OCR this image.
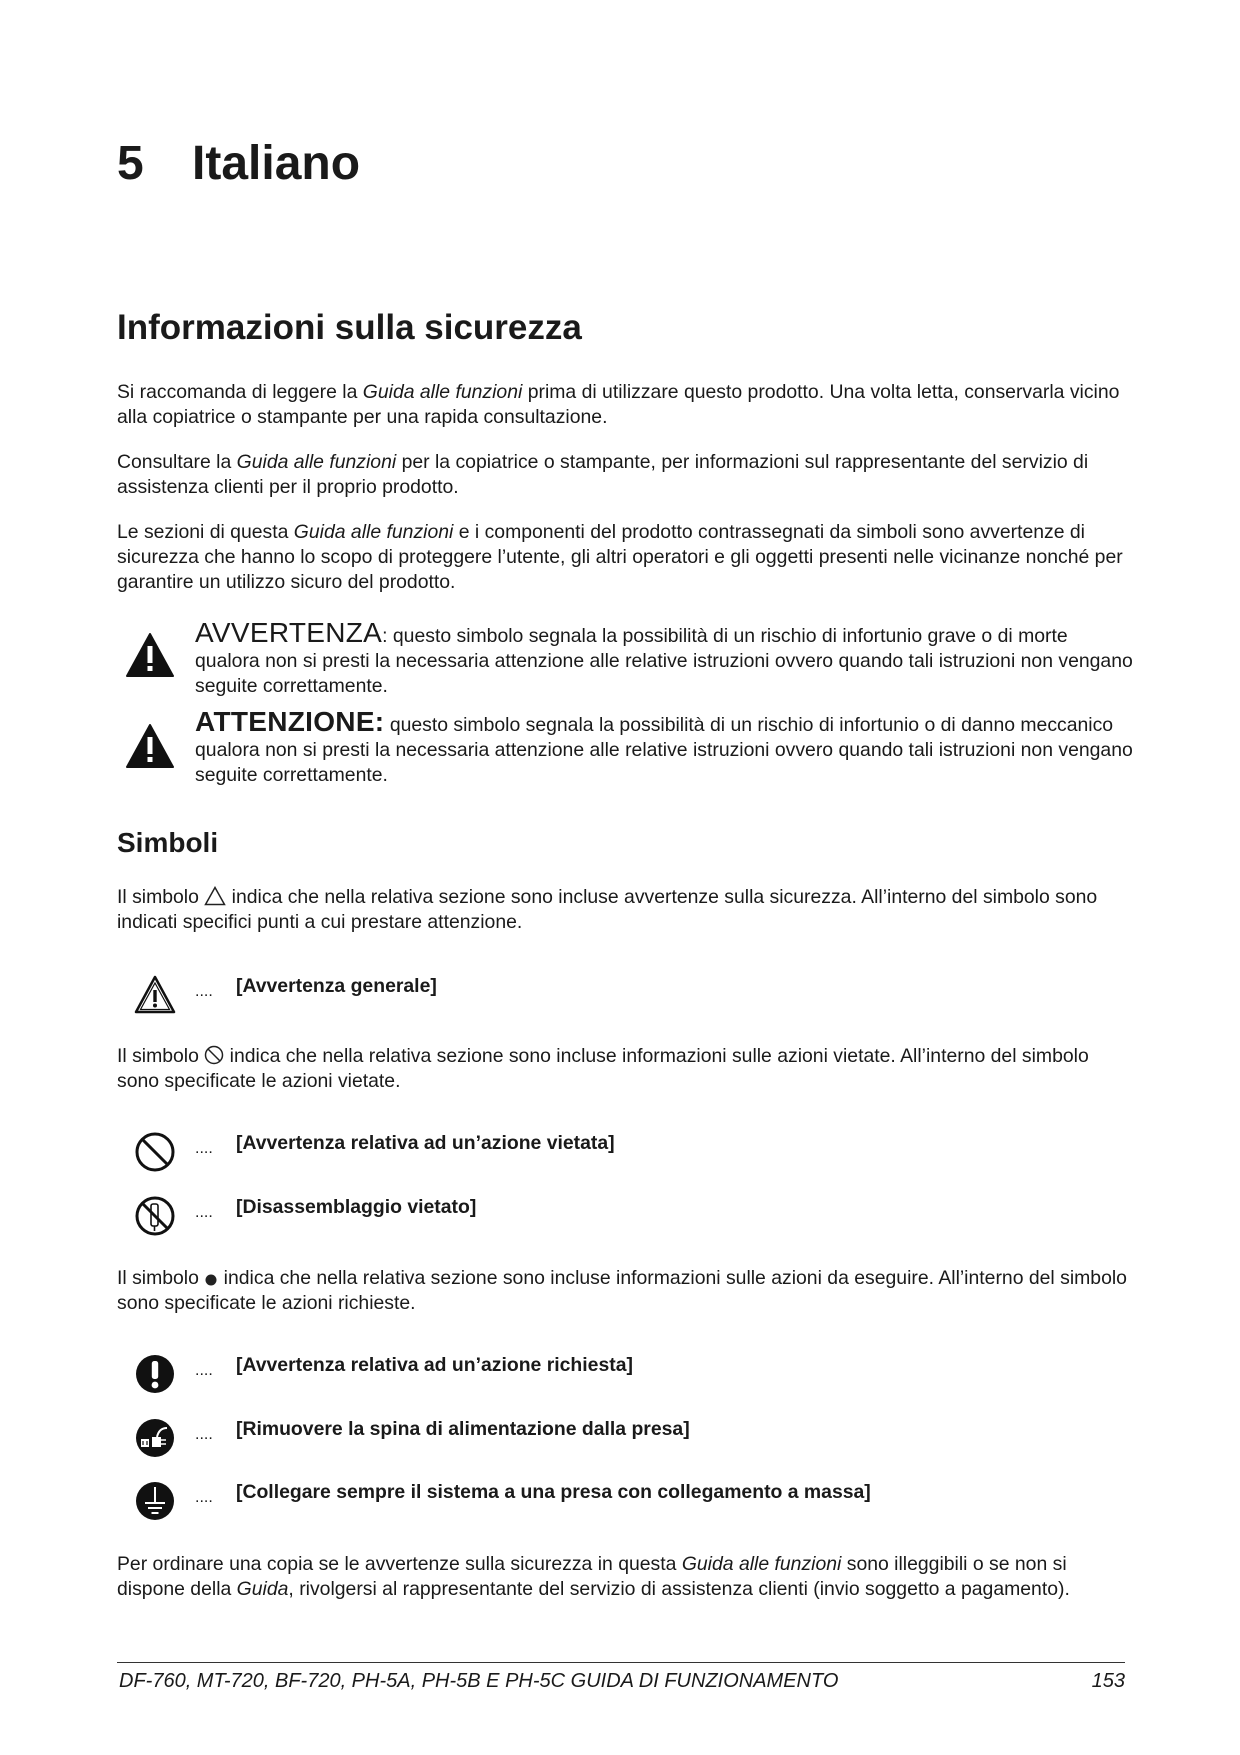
5 Italiano
Informazioni sulla sicurezza

Si raccomanda di leggere la Guida alle funzioni prima di utilizzare questo prodotto. Una volta letta, conservarla vicino alla copiatrice o stampante per una rapida consultazione.

Consultare la Guida alle funzioni per la copiatrice o stampante, per informazioni sul rappresentante del servizio di assistenza clienti per il proprio prodotto.

Le sezioni di questa Guida alle funzioni e i componenti del prodotto contrassegnati da simboli sono avvertenze di sicurezza che hanno lo scopo di proteggere l’utente, gli altri operatori e gli oggetti presenti nelle vicinanze nonché per garantire un utilizzo sicuro del prodotto.

AVVERTENZA: questo simbolo segnala la possibilità di un rischio di infortunio grave o di morte qualora non si presti la necessaria attenzione alle relative istruzioni ovvero quando tali istruzioni non vengano seguite correttamente.
ATTENZIONE: questo simbolo segnala la possibilità di un rischio di infortunio o di danno meccanico qualora non si presti la necessaria attenzione alle relative istruzioni ovvero quando tali istruzioni non vengano seguite correttamente.
Simboli

Il simbolo  indica che nella relativa sezione sono incluse avvertenze sulla sicurezza. All’interno del simbolo sono indicati specifici punti a cui prestare attenzione.

.... [Avvertenza generale]

Il simbolo  indica che nella relativa sezione sono incluse informazioni sulle azioni vietate. All’interno del simbolo sono specificate le azioni vietate.

.... [Avvertenza relativa ad un’azione vietata]
.... [Disassemblaggio vietato]

Il simbolo  indica che nella relativa sezione sono incluse informazioni sulle azioni da eseguire. All’interno del simbolo sono specificate le azioni richieste.

.... [Avvertenza relativa ad un’azione richiesta]
.... [Rimuovere la spina di alimentazione dalla presa]
.... [Collegare sempre il sistema a una presa con collegamento a massa]

Per ordinare una copia se le avvertenze sulla sicurezza in questa Guida alle funzioni sono illeggibili o se non si dispone della Guida, rivolgersi al rappresentante del servizio di assistenza clienti (invio soggetto a pagamento).

DF-760, MT-720, BF-720, PH-5A, PH-5B E PH-5C GUIDA DI FUNZIONAMENTO	153
